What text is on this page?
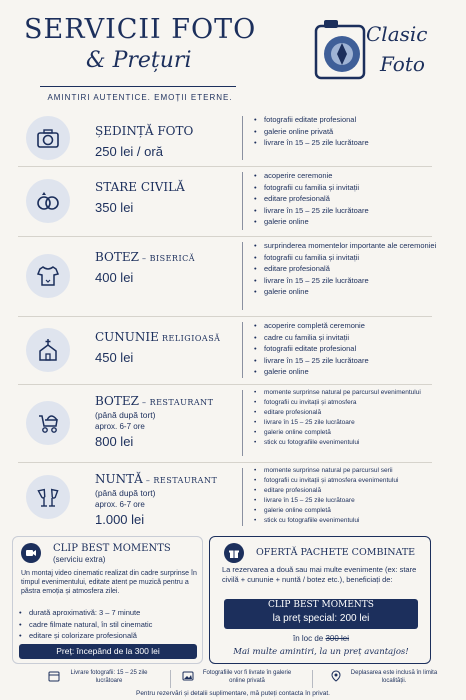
SERVICII FOTO
& Prețuri
AMINTIRI AUTENTICE. EMOȚII ETERNE.
Clasic
Foto
ȘEDINȚĂ FOTO
250 lei / oră
• fotografii editate profesional
• galerie online privată
• livrare în 15 – 25 zile lucrătoare
STARE CIVILĂ
350 lei
• acoperire ceremonie
• fotografii cu familia și invitații
• editare profesională
• livrare în 15 – 25 zile lucrătoare
• galerie online
BOTEZ – BISERICĂ
400 lei
• surprinderea momentelor importante ale ceremoniei
• fotografii cu familia și invitații
• editare profesională
• livrare în 15 – 25 zile lucrătoare
• galerie online
CUNUNIE RELIGIOASĂ
450 lei
• acoperire completă ceremonie
• cadre cu familia și invitații
• fotografii editate profesional
• livrare în 15 – 25 zile lucrătoare
• galerie online
BOTEZ – RESTAURANT
(până după tort)
aprox. 6-7 ore
800 lei
• momente surprinse natural pe parcursul evenimentului
• fotografii cu invitații și atmosfera
• editare profesională
• livrare în 15 – 25 zile lucrătoare
• galerie online completă
• stick cu fotografiile evenimentului
NUNTĂ – RESTAURANT
(până după tort)
aprox. 6-7 ore
1.000 lei
• momente surprinse natural pe parcursul serii
• fotografii cu invitații și atmosfera evenimentului
• editare profesională
• livrare în 15 – 25 zile lucrătoare
• galerie online completă
• stick cu fotografiile evenimentului
CLIP BEST MOMENTS
(serviciu extra)
Un montaj video cinematic realizat din cadre surprinse în timpul evenimentului, editate atent pe muzică pentru a păstra emoția și atmosfera zilei.
• durată aproximativă: 3 – 7 minute
• cadre filmate natural, în stil cinematic
• editare și colorizare profesională
•
Preț: începând de la 300 lei
OFERTĂ PACHETE COMBINATE
La rezervarea a două sau mai multe evenimente (ex: stare civilă + cununie + nuntă / botez etc.), beneficiați de:
CLIP BEST MOMENTS
la preț special: 200 lei
în loc de 300 lei
Mai multe amintiri, la un preț avantajos!
Livrare fotografii: 15 – 25 zile lucrătoare
Fotografiile vor fi livrate în galerie online privată
Deplasarea este inclusă în limita localității.
Pentru rezervări și detalii suplimentare, mă puteți contacta în privat.
